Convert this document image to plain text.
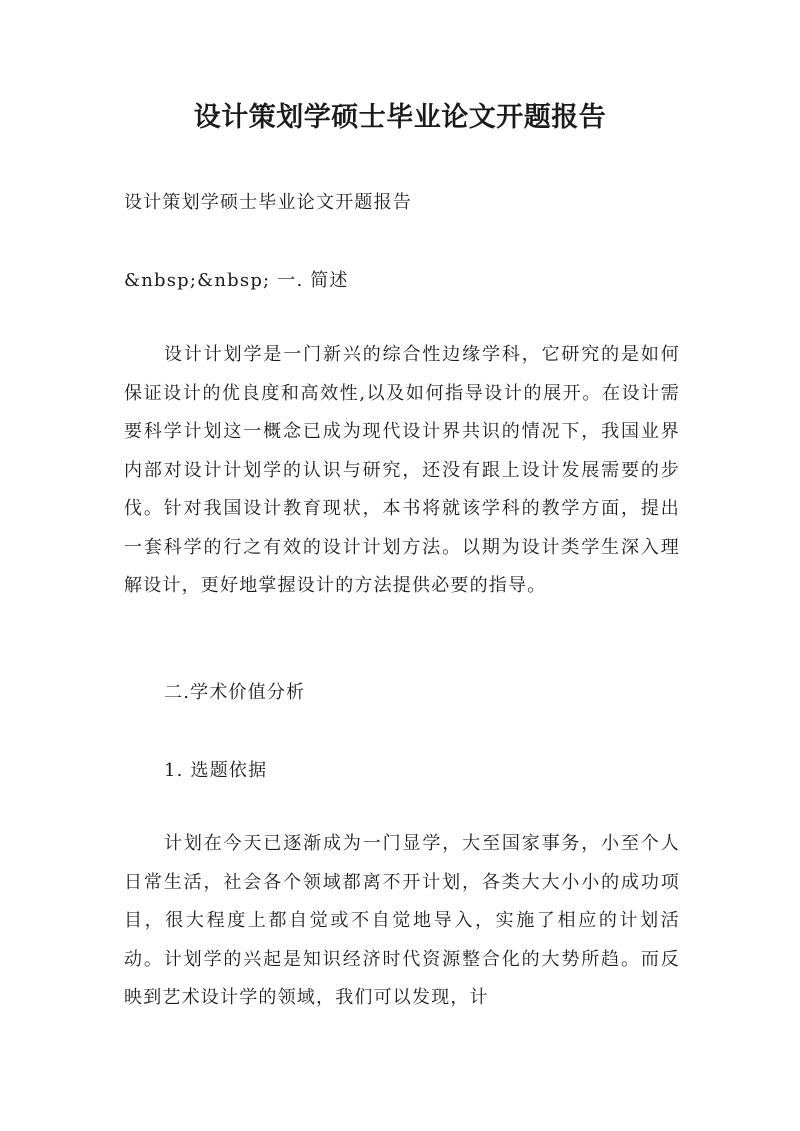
设计策划学硕士毕业论文开题报告

设计策划学硕士毕业论文开题报告

&nbsp;&nbsp; 一. 简述

设计计划学是一门新兴的综合性边缘学科，它研究的是如何保证设计的优良度和高效性,以及如何指导设计的展开。在设计需要科学计划这一概念已成为现代设计界共识的情况下，我国业界内部对设计计划学的认识与研究，还没有跟上设计发展需要的步伐。针对我国设计教育现状，本书将就该学科的教学方面，提出一套科学的行之有效的设计计划方法。以期为设计类学生深入理解设计，更好地掌握设计的方法提供必要的指导。

二.学术价值分析

1. 选题依据

计划在今天已逐渐成为一门显学，大至国家事务，小至个人日常生活，社会各个领域都离不开计划，各类大大小小的成功项目，很大程度上都自觉或不自觉地导入，实施了相应的计划活动。计划学的兴起是知识经济时代资源整合化的大势所趋。而反映到艺术设计学的领域，我们可以发现，计
